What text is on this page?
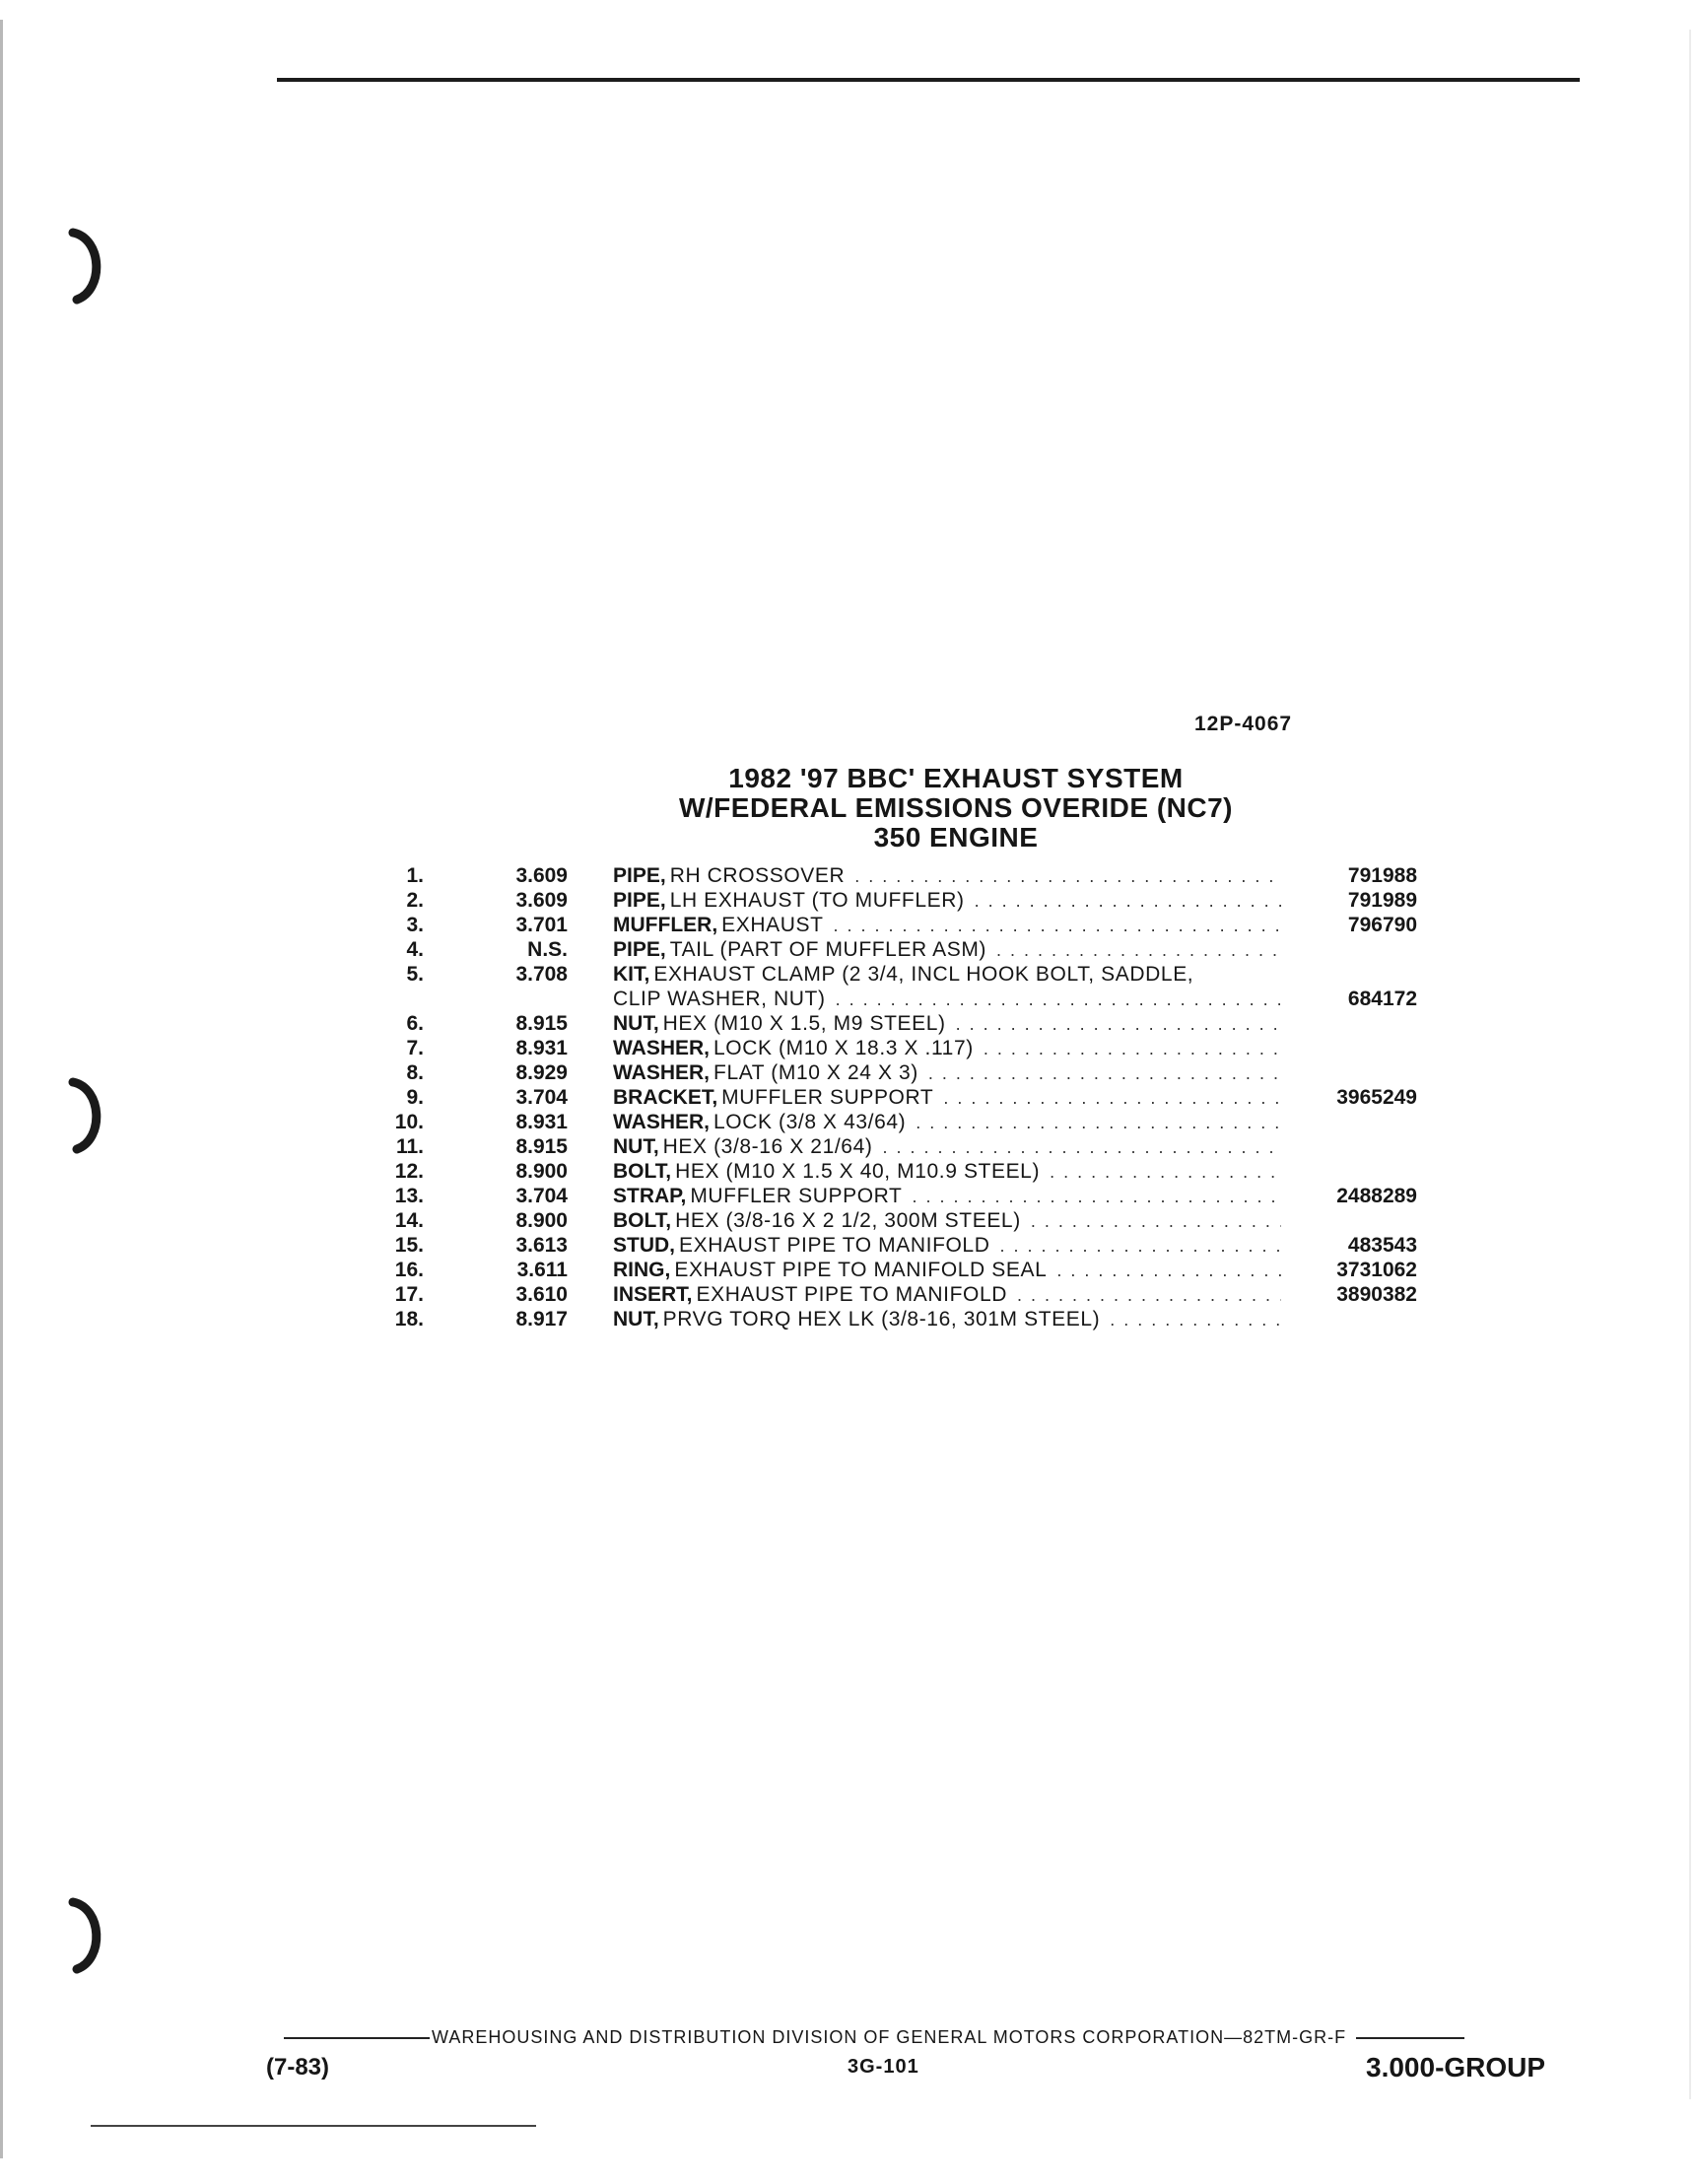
12P-4067
1982 '97 BBC' EXHAUST SYSTEM
W/FEDERAL EMISSIONS OVERIDE (NC7)
350 ENGINE
1.	3.609 PIPE, RH CROSSOVER . . .	791988
2.	3.609 PIPE, LH EXHAUST (TO MUFFLER) . . .	791989
3.	3.701 MUFFLER, EXHAUST . . .	796790
4.	N.S. PIPE, TAIL (PART OF MUFFLER ASM)
. . .
5.	3.708 KIT, EXHAUST CLAMP (2 3/4, INCL HOOK BOLT, SADDLE,
CLIP WASHER, NUT) . . .	684172
6.	8.915 NUT, HEX (M10 X 1.5, M9 STEEL)
. . .
7.	8.931 WASHER, LOCK (M10 X 18.3 X .117)
. . .
8.	8.929 WASHER, FLAT (M10 X 24 X 3)
. . .
9.	3.704 BRACKET, MUFFLER SUPPORT . . .	3965249
10.	8.931 WASHER, LOCK (3/8 X 43/64)
. . .
11.	8.915 NUT, HEX (3/8-16 X 21/64)
. . .
12.	8.900 BOLT, HEX (M10 X 1.5 X 40, M10.9 STEEL)
. . .
13.	3.704 STRAP, MUFFLER SUPPORT . . .	2488289
14.	8.900 BOLT, HEX (3/8-16 X 2 1/2, 300M STEEL)
. . .
15.	3.613 STUD, EXHAUST PIPE TO MANIFOLD . . .	483543
16.	3.611 RING, EXHAUST PIPE TO MANIFOLD SEAL . . .	3731062
17.	3.610 INSERT, EXHAUST PIPE TO MANIFOLD . . .	3890382
18.	8.917 NUT, PRVG TORQ HEX LK (3/8-16, 301M STEEL)
. . .
WAREHOUSING AND DISTRIBUTION DIVISION OF GENERAL MOTORS CORPORATION—82TM-GR-F
(7-83)	3G-101	3.000-GROUP
